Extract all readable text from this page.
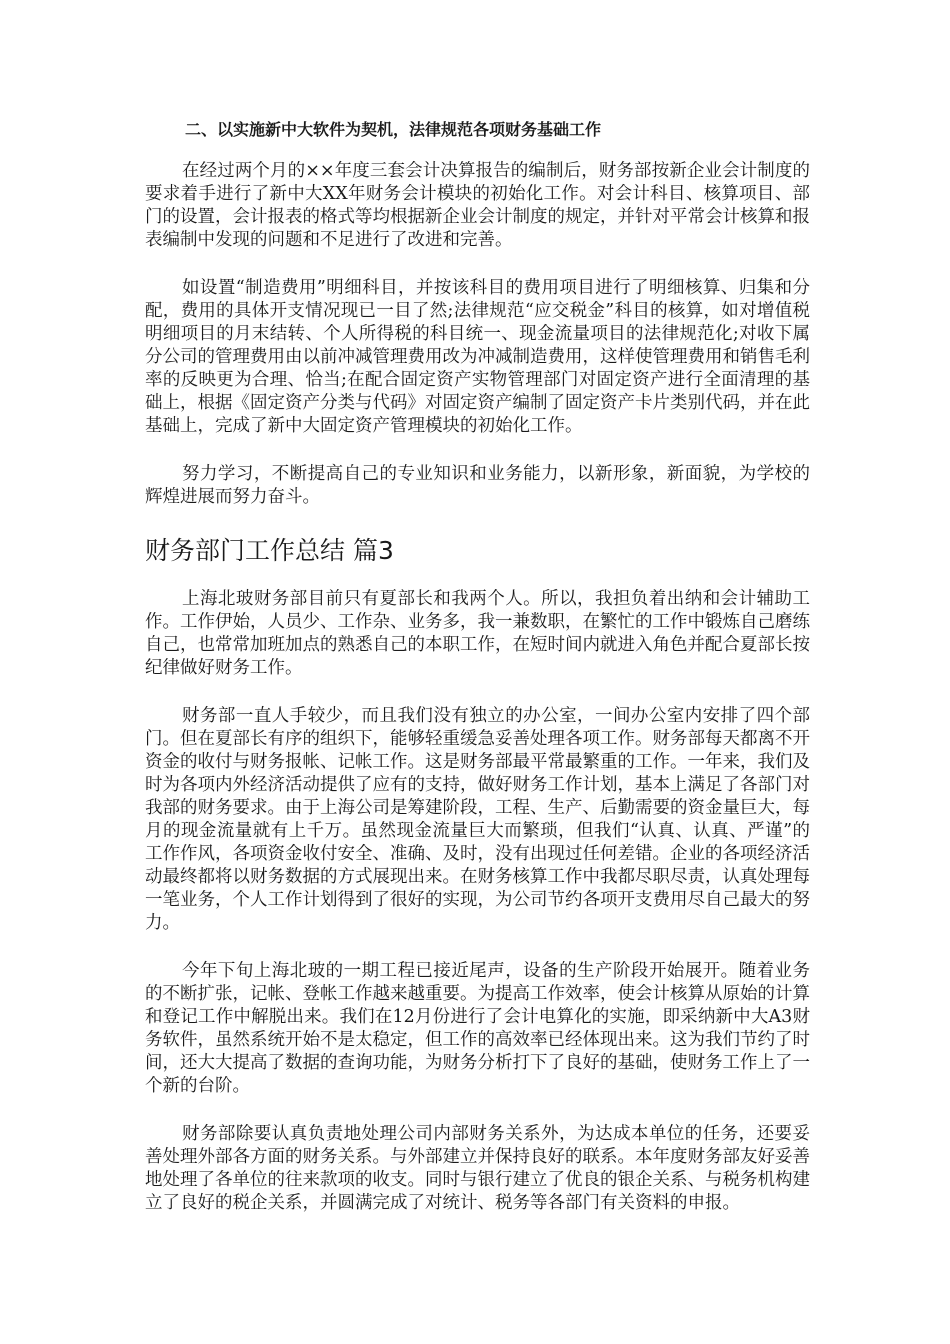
二、以实施新中大软件为契机，法律规范各项财务基础工作

在经过两个月的××年度三套会计决算报告的编制后，财务部按新企业会计制度的要求着手进行了新中大XX年财务会计模块的初始化工作。对会计科目、核算项目、部门的设置，会计报表的格式等均根据新企业会计制度的规定，并针对平常会计核算和报表编制中发现的问题和不足进行了改进和完善。

如设置“制造费用”明细科目，并按该科目的费用项目进行了明细核算、归集和分配，费用的具体开支情况现已一目了然;法律规范“应交税金”科目的核算，如对增值税明细项目的月末结转、个人所得税的科目统一、现金流量项目的法律规范化;对收下属分公司的管理费用由以前冲减管理费用改为冲减制造费用，这样使管理费用和销售毛利率的反映更为合理、恰当;在配合固定资产实物管理部门对固定资产进行全面清理的基础上，根据《固定资产分类与代码》对固定资产编制了固定资产卡片类别代码，并在此基础上，完成了新中大固定资产管理模块的初始化工作。

努力学习，不断提高自己的专业知识和业务能力，以新形象，新面貌，为学校的辉煌进展而努力奋斗。

财务部门工作总结 篇3

上海北玻财务部目前只有夏部长和我两个人。所以，我担负着出纳和会计辅助工作。工作伊始，人员少、工作杂、业务多，我一兼数职，在繁忙的工作中锻炼自己磨练自己，也常常加班加点的熟悉自己的本职工作，在短时间内就进入角色并配合夏部长按纪律做好财务工作。

财务部一直人手较少，而且我们没有独立的办公室，一间办公室内安排了四个部门。但在夏部长有序的组织下，能够轻重缓急妥善处理各项工作。财务部每天都离不开资金的收付与财务报帐、记帐工作。这是财务部最平常最繁重的工作。一年来，我们及时为各项内外经济活动提供了应有的支持，做好财务工作计划，基本上满足了各部门对我部的财务要求。由于上海公司是筹建阶段，工程、生产、后勤需要的资金量巨大，每月的现金流量就有上千万。虽然现金流量巨大而繁琐，但我们“认真、认真、严谨”的工作作风，各项资金收付安全、准确、及时，没有出现过任何差错。企业的各项经济活动最终都将以财务数据的方式展现出来。在财务核算工作中我都尽职尽责，认真处理每一笔业务，个人工作计划得到了很好的实现，为公司节约各项开支费用尽自己最大的努力。

今年下旬上海北玻的一期工程已接近尾声，设备的生产阶段开始展开。随着业务的不断扩张，记帐、登帐工作越来越重要。为提高工作效率，使会计核算从原始的计算和登记工作中解脱出来。我们在12月份进行了会计电算化的实施，即采纳新中大A3财务软件，虽然系统开始不是太稳定，但工作的高效率已经体现出来。这为我们节约了时间，还大大提高了数据的查询功能，为财务分析打下了良好的基础，使财务工作上了一个新的台阶。

财务部除要认真负责地处理公司内部财务关系外，为达成本单位的任务，还要妥善处理外部各方面的财务关系。与外部建立并保持良好的联系。本年度财务部友好妥善地处理了各单位的往来款项的收支。同时与银行建立了优良的银企关系、与税务机构建立了良好的税企关系，并圆满完成了对统计、税务等各部门有关资料的申报。
